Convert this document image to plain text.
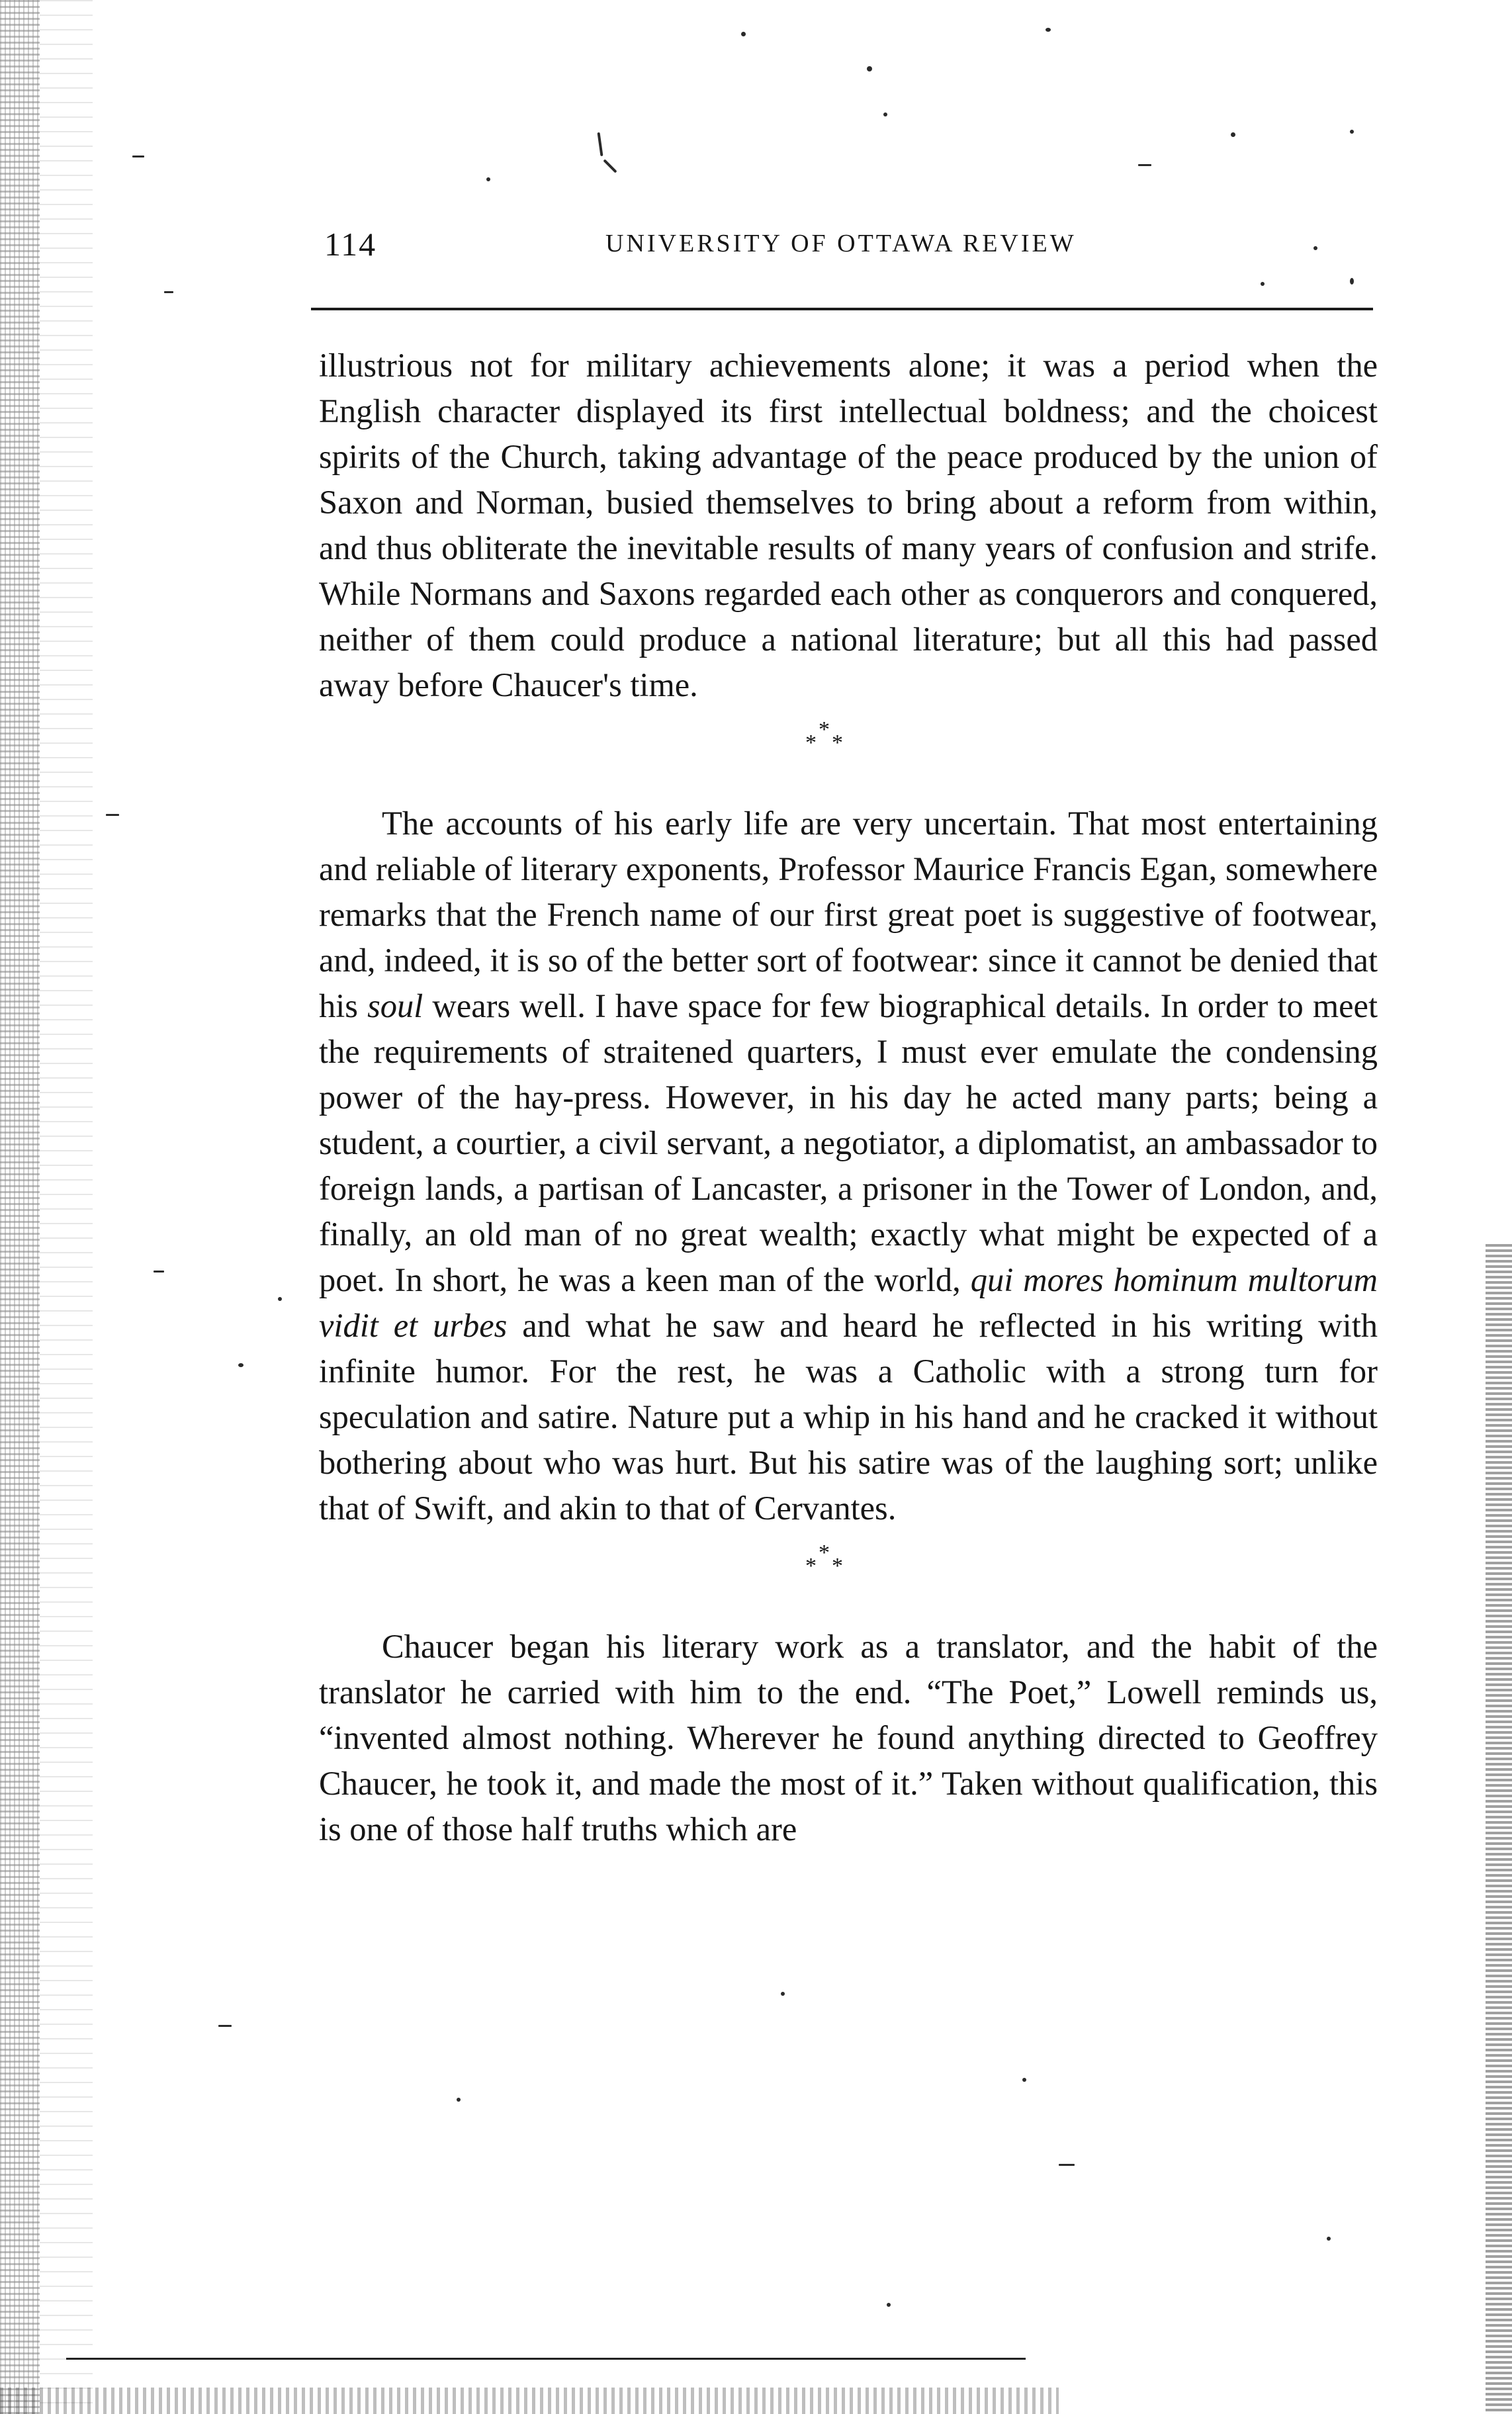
114	UNIVERSITY OF OTTAWA REVIEW

illustrious not for military achievements alone; it was a period when the English character displayed its first intellectual boldness; and the choicest spirits of the Church, taking advantage of the peace produced by the union of Saxon and Norman, busied themselves to bring about a reform from within, and thus obliterate the inevitable results of many years of confusion and strife. While Normans and Saxons regarded each other as conquerors and conquered, neither of them could produce a national literature; but all this had passed away before Chaucer's time.

*
* *

The accounts of his early life are very uncertain. That most entertaining and reliable of literary exponents, Professor Maurice Francis Egan, somewhere remarks that the French name of our first great poet is suggestive of footwear, and, indeed, it is so of the better sort of footwear: since it cannot be denied that his soul wears well. I have space for few biographical details. In order to meet the requirements of straitened quarters, I must ever emulate the condensing power of the hay-press. However, in his day he acted many parts; being a student, a courtier, a civil servant, a negotiator, a diplomatist, an ambassador to foreign lands, a partisan of Lancaster, a prisoner in the Tower of London, and, finally, an old man of no great wealth; exactly what might be expected of a poet. In short, he was a keen man of the world, qui mores hominum multorum vidit et urbes and what he saw and heard he reflected in his writing with infinite humor. For the rest, he was a Catholic with a strong turn for speculation and satire. Nature put a whip in his hand and he cracked it without bothering about who was hurt. But his satire was of the laughing sort; unlike that of Swift, and akin to that of Cervantes.

*
* *

Chaucer began his literary work as a translator, and the habit of the translator he carried with him to the end. “The Poet,” Lowell reminds us, “invented almost nothing. Wherever he found anything directed to Geoffrey Chaucer, he took it, and made the most of it.” Taken without qualification, this is one of those half truths which are
